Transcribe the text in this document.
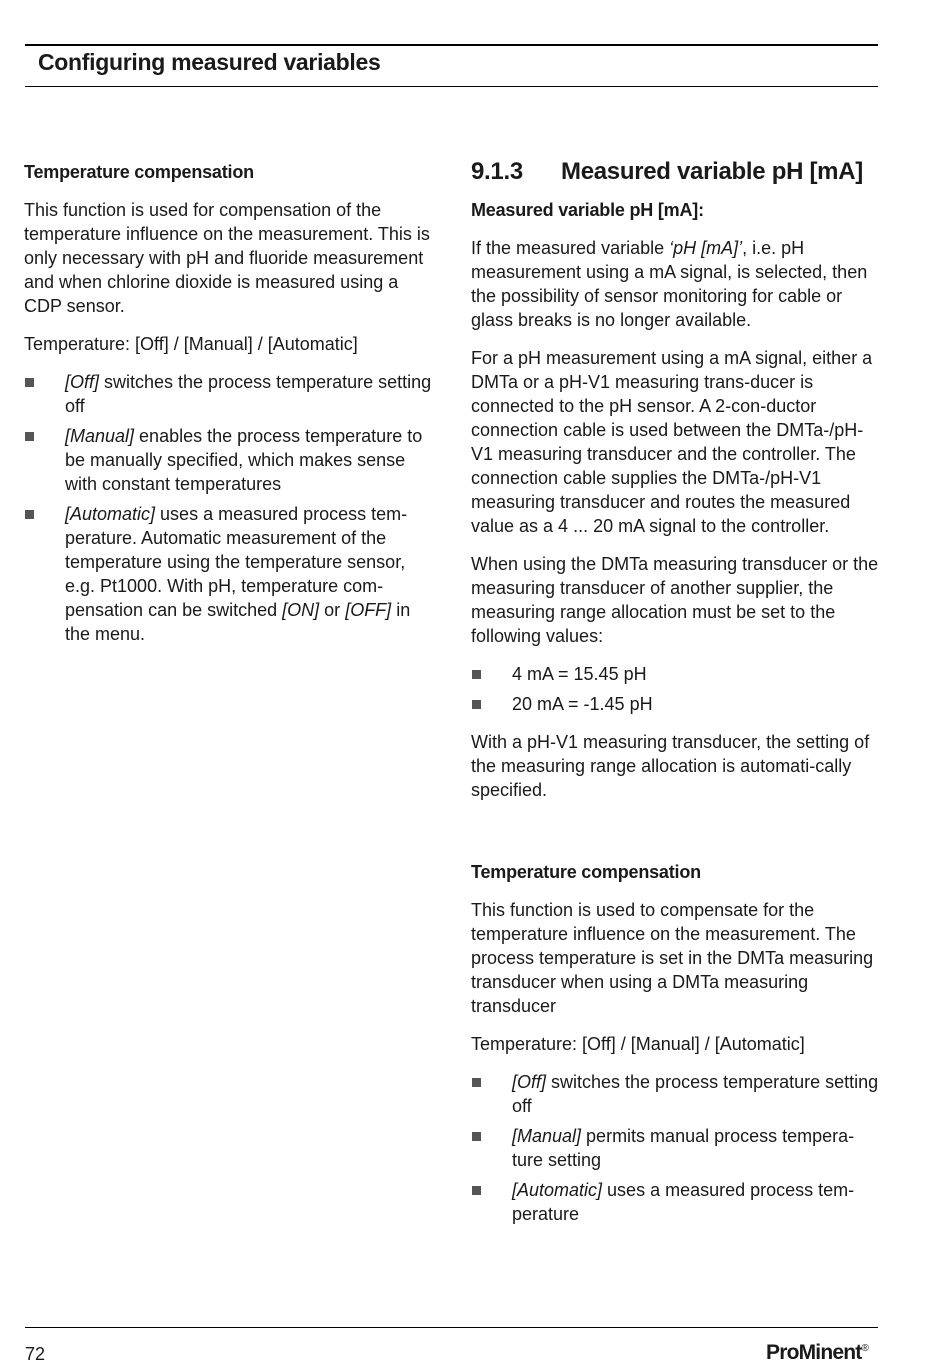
Configuring measured variables

Temperature compensation

This function is used for compensation of the temperature influence on the measurement. This is only necessary with pH and fluoride measurement and when chlorine dioxide is measured using a CDP sensor.

Temperature: [Off] / [Manual] / [Automatic]

[Off] switches the process temperature setting off
[Manual] enables the process temperature to be manually specified, which makes sense with constant temperatures
[Automatic] uses a measured process tem-perature. Automatic measurement of the temperature using the temperature sensor, e.g. Pt1000. With pH, temperature com-pensation can be switched [ON] or [OFF] in the menu.
9.1.3	Measured variable pH [mA]

Measured variable pH [mA]:

If the measured variable ‘pH [mA]’, i.e. pH measurement using a mA signal, is selected, then the possibility of sensor monitoring for cable or glass breaks is no longer available.

For a pH measurement using a mA signal, either a DMTa or a pH-V1 measuring trans-ducer is connected to the pH sensor. A 2-con-ductor connection cable is used between the DMTa-/pH-V1 measuring transducer and the controller. The connection cable supplies the DMTa-/pH-V1 measuring transducer and routes the measured value as a 4 ... 20 mA signal to the controller.

When using the DMTa measuring transducer or the measuring transducer of another supplier, the measuring range allocation must be set to the following values:

4 mA = 15.45 pH
20 mA = -1.45 pH

With a pH-V1 measuring transducer, the setting of the measuring range allocation is automati-cally specified.

Temperature compensation

This function is used to compensate for the temperature influence on the measurement. The process temperature is set in the DMTa measuring transducer when using a DMTa measuring transducer

Temperature: [Off] / [Manual] / [Automatic]

[Off] switches the process temperature setting off
[Manual] permits manual process tempera-ture setting
[Automatic] uses a measured process tem-perature
72	ProMinent®
